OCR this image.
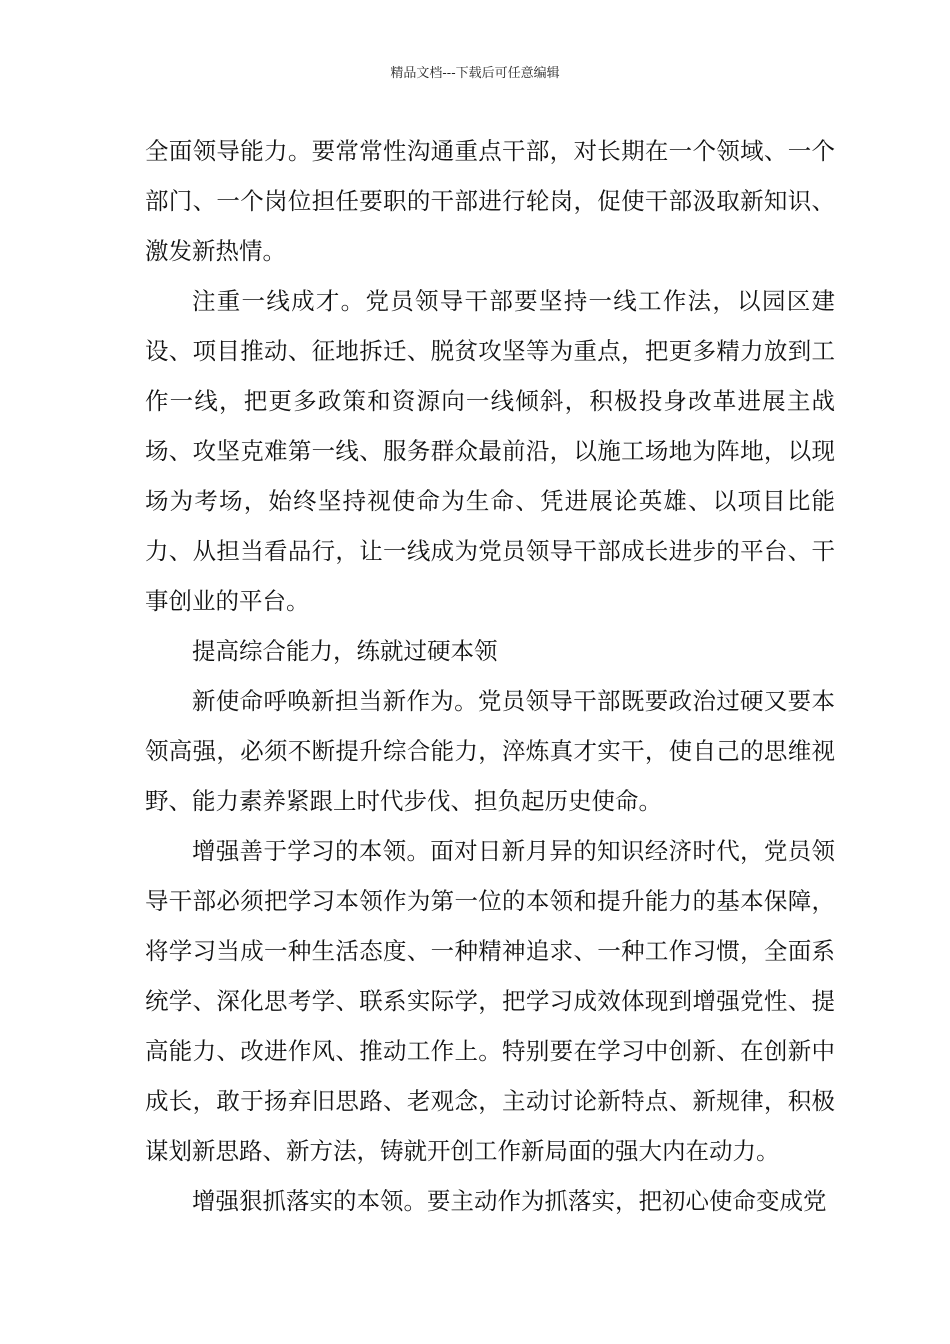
精品文档---下载后可任意编辑

全面领导能力。要常常性沟通重点干部，对长期在一个领域、一个部门、一个岗位担任要职的干部进行轮岗，促使干部汲取新知识、激发新热情。

注重一线成才。党员领导干部要坚持一线工作法，以园区建设、项目推动、征地拆迁、脱贫攻坚等为重点，把更多精力放到工作一线，把更多政策和资源向一线倾斜，积极投身改革进展主战场、攻坚克难第一线、服务群众最前沿，以施工场地为阵地，以现场为考场，始终坚持视使命为生命、凭进展论英雄、以项目比能力、从担当看品行，让一线成为党员领导干部成长进步的平台、干事创业的平台。

提高综合能力，练就过硬本领

新使命呼唤新担当新作为。党员领导干部既要政治过硬又要本领高强，必须不断提升综合能力，淬炼真才实干，使自己的思维视野、能力素养紧跟上时代步伐、担负起历史使命。

增强善于学习的本领。面对日新月异的知识经济时代，党员领导干部必须把学习本领作为第一位的本领和提升能力的基本保障，将学习当成一种生活态度、一种精神追求、一种工作习惯，全面系统学、深化思考学、联系实际学，把学习成效体现到增强党性、提高能力、改进作风、推动工作上。特别要在学习中创新、在创新中成长，敢于扬弃旧思路、老观念，主动讨论新特点、新规律，积极谋划新思路、新方法，铸就开创工作新局面的强大内在动力。

增强狠抓落实的本领。要主动作为抓落实，把初心使命变成党
